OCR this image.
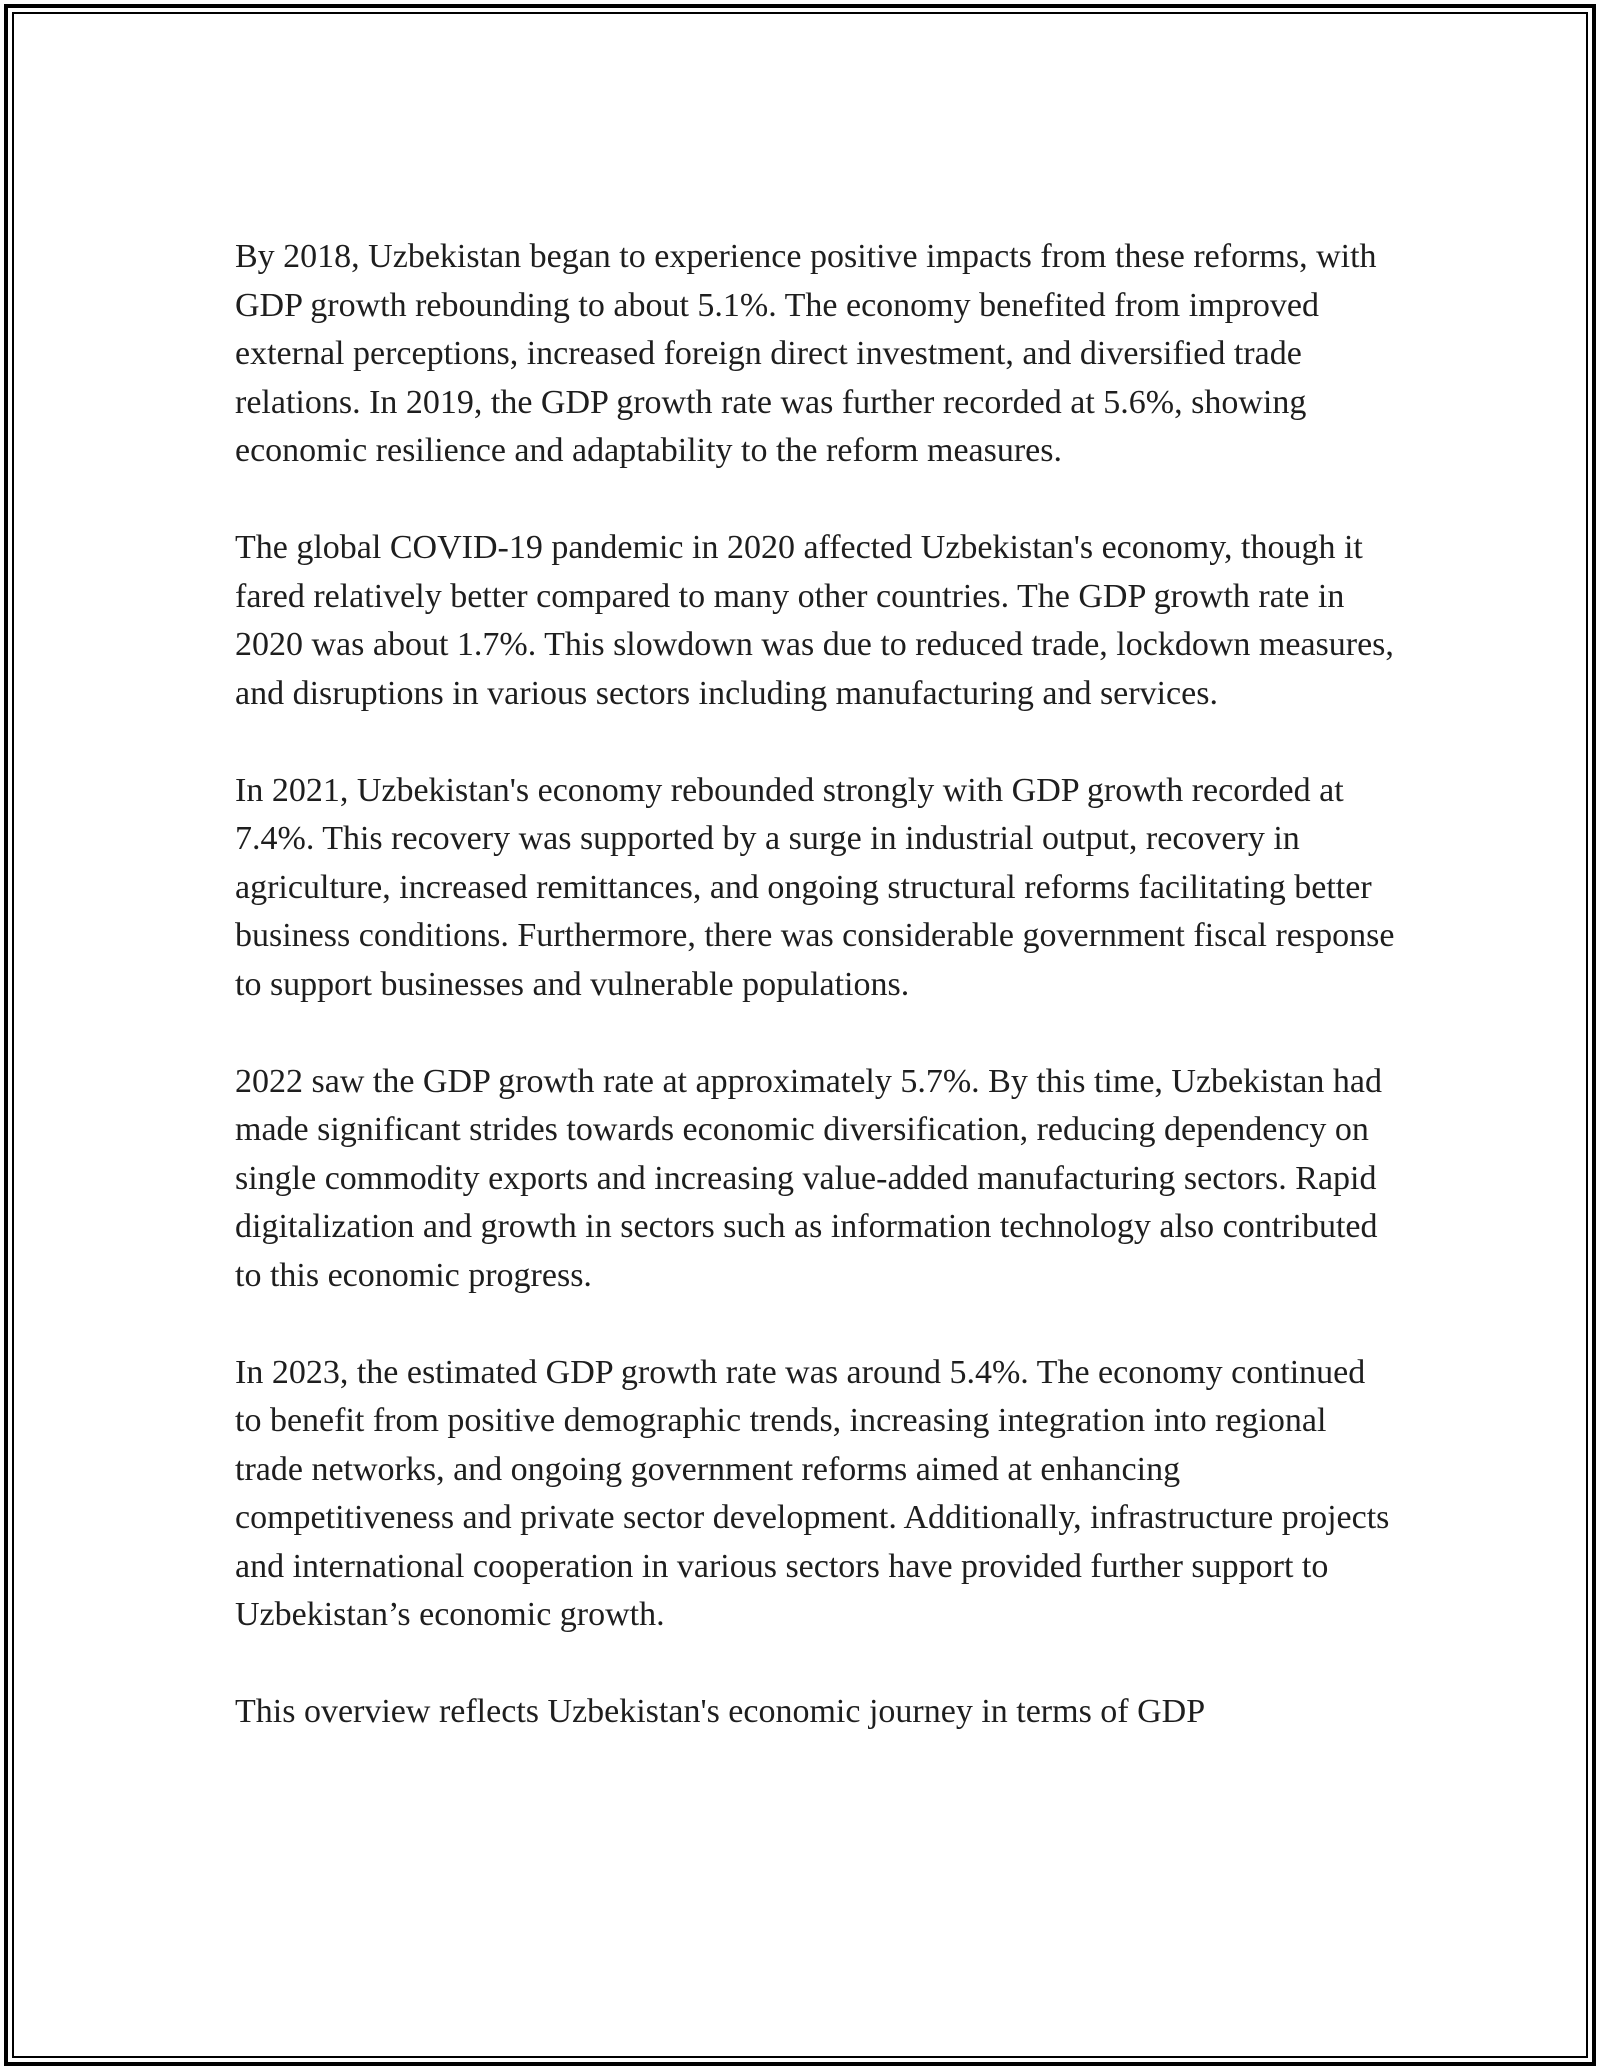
By 2018, Uzbekistan began to experience positive impacts from these reforms, with GDP growth rebounding to about 5.1%. The economy benefited from improved external perceptions, increased foreign direct investment, and diversified trade relations. In 2019, the GDP growth rate was further recorded at 5.6%, showing economic resilience and adaptability to the reform measures.

The global COVID-19 pandemic in 2020 affected Uzbekistan's economy, though it fared relatively better compared to many other countries. The GDP growth rate in 2020 was about 1.7%. This slowdown was due to reduced trade, lockdown measures, and disruptions in various sectors including manufacturing and services.

In 2021, Uzbekistan's economy rebounded strongly with GDP growth recorded at 7.4%. This recovery was supported by a surge in industrial output, recovery in agriculture, increased remittances, and ongoing structural reforms facilitating better business conditions. Furthermore, there was considerable government fiscal response to support businesses and vulnerable populations.

2022 saw the GDP growth rate at approximately 5.7%. By this time, Uzbekistan had made significant strides towards economic diversification, reducing dependency on single commodity exports and increasing value-added manufacturing sectors. Rapid digitalization and growth in sectors such as information technology also contributed to this economic progress.

In 2023, the estimated GDP growth rate was around 5.4%. The economy continued to benefit from positive demographic trends, increasing integration into regional trade networks, and ongoing government reforms aimed at enhancing competitiveness and private sector development. Additionally, infrastructure projects and international cooperation in various sectors have provided further support to Uzbekistan’s economic growth.

This overview reflects Uzbekistan's economic journey in terms of GDP
